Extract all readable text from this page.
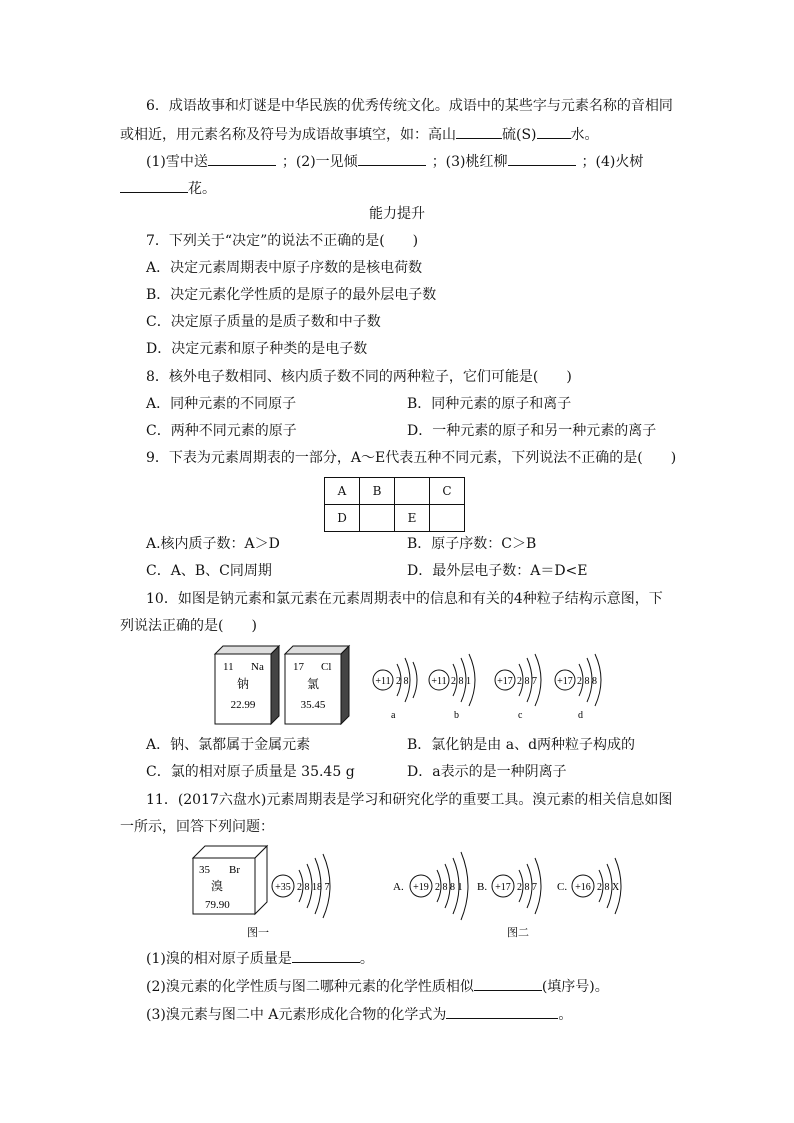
6．成语故事和灯谜是中华民族的优秀传统文化。成语中的某些字与元素名称的音相同
或相近，用元素名称及符号为成语故事填空，如：高山	硫(S) 水。
(1)雪中送	；(2)一见倾	；(3)桃红柳	；(4)火树
花。
能力提升
7．下列关于“决定”的说法不正确的是(　　)
A．决定元素周期表中原子序数的是核电荷数
B．决定元素化学性质的是原子的最外层电子数
C．决定原子质量的是质子数和中子数
D．决定元素和原子种类的是电子数
8．核外电子数相同、核内质子数不同的两种粒子，它们可能是(　　)
A．同种元素的不同原子	B．同种元素的原子和离子
C．两种不同元素的原子	D．一种元素的原子和另一种元素的离子
9．下表为元素周期表的一部分，A～E代表五种不同元素，下列说法不正确的是(　　)
A	B		C
D		E	
A.核内质子数：A＞D	B．原子序数：C＞B
C．A、B、C同周期	D．最外层电子数：A＝D<E
10．如图是钠元素和氯元素在元素周期表中的信息和有关的4种粒子结构示意图，下
列说法正确的是(　　)
11 Na
钠
22.99
17 Cl
氯
35.45
+11 2 8
a
+11 2 8 1
b
+17 2 8 7
c
+17 2 8 8
d
A．钠、氯都属于金属元素	B．氯化钠是由 a、d两种粒子构成的
C．氯的相对原子质量是 35.45 g	D．a表示的是一种阴离子
11．(2017六盘水)元素周期表是学习和研究化学的重要工具。溴元素的相关信息如图
一所示，回答下列问题：
35 Br
溴
79.90
+35 2 8 18 7
图一
A. +19 2 8 8 1 B. +17 2 8 7 C. +16 2 8 X
图二
(1)溴的相对原子质量是	。
(2)溴元素的化学性质与图二哪种元素的化学性质相似	(填序号)。
(3)溴元素与图二中 A元素形成化合物的化学式为	。
